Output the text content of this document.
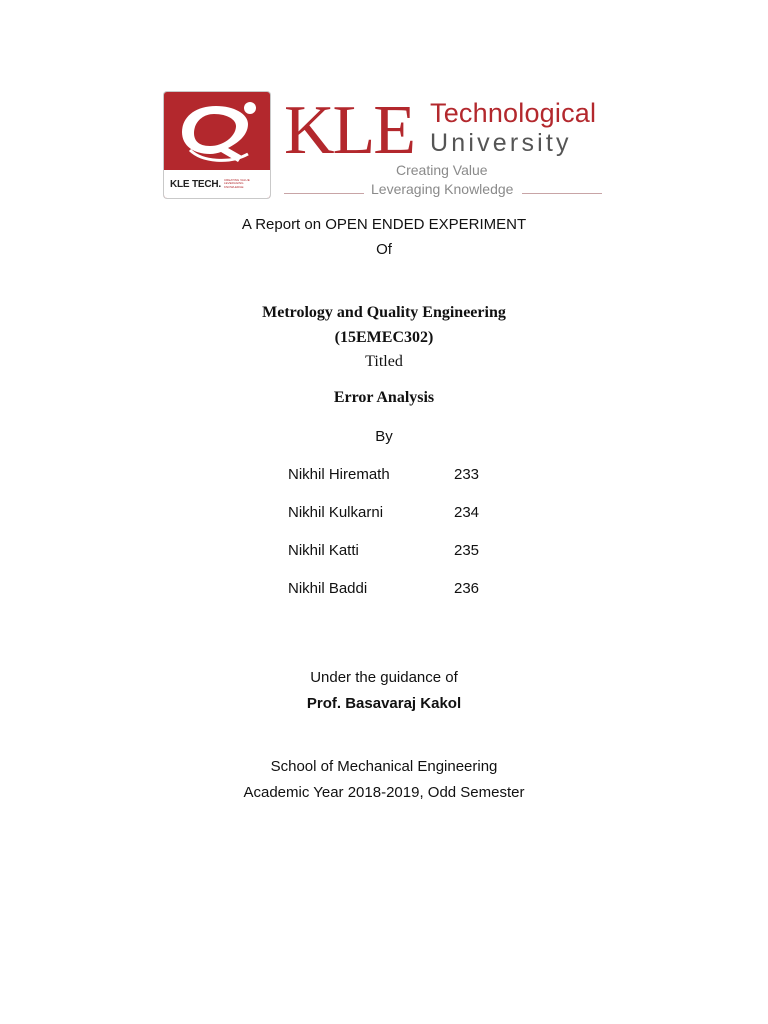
KLE TECH. CREATING VALUE LEVERAGING KNOWLEDGE
KLE Technological
University
Creating Value
Leveraging Knowledge
A Report on OPEN ENDED EXPERIMENT
Of
Metrology and Quality Engineering
(15EMEC302)
Titled
Error Analysis
By
Nikhil Hiremath	233
Nikhil Kulkarni	234
Nikhil Katti	235
Nikhil Baddi	236
Under the guidance of
Prof. Basavaraj Kakol
School of Mechanical Engineering
Academic Year 2018-2019, Odd Semester
